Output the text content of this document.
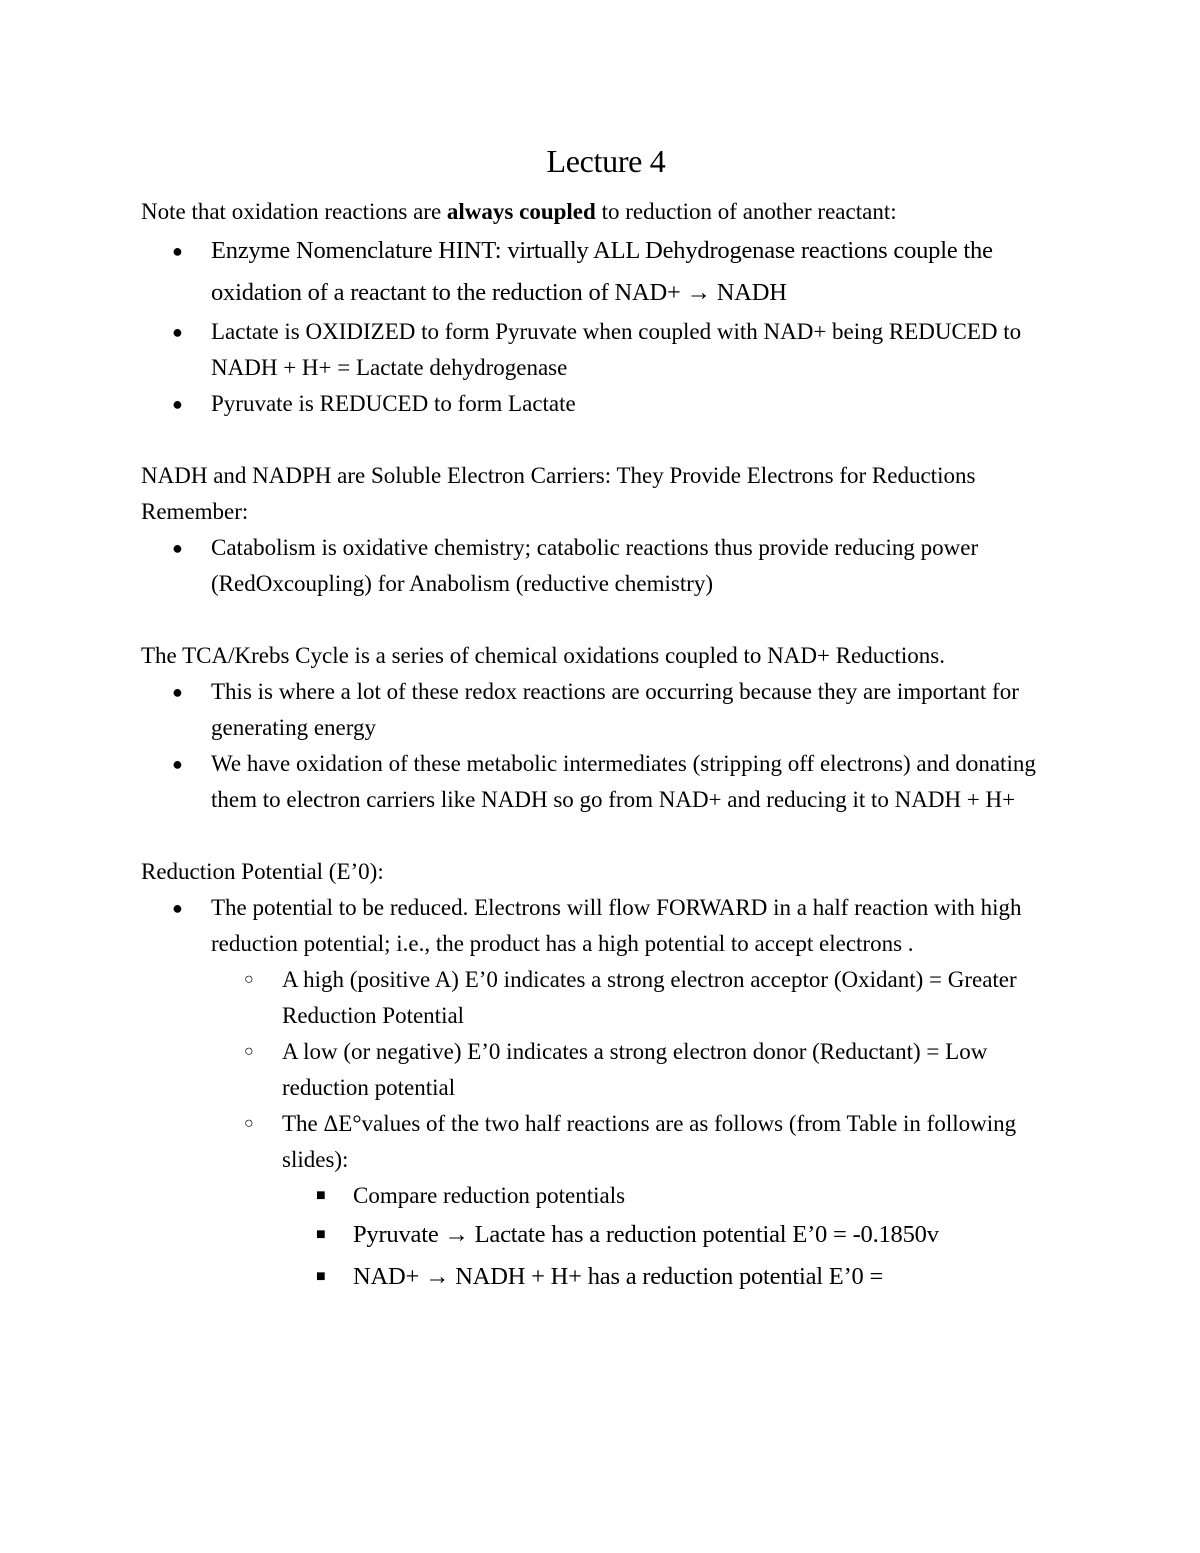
Lecture 4

Note that oxidation reactions are always coupled to reduction of another reactant:

● Enzyme Nomenclature HINT: virtually ALL Dehydrogenase reactions couple the oxidation of a reactant to the reduction of NAD+ → NADH
● Lactate is OXIDIZED to form Pyruvate when coupled with NAD+ being REDUCED to NADH + H+ = Lactate dehydrogenase
● Pyruvate is REDUCED to form Lactate

NADH and NADPH are Soluble Electron Carriers: They Provide Electrons for Reductions Remember:

● Catabolism is oxidative chemistry; catabolic reactions thus provide reducing power (RedOxcoupling) for Anabolism (reductive chemistry)

The TCA/Krebs Cycle is a series of chemical oxidations coupled to NAD+ Reductions.

● This is where a lot of these redox reactions are occurring because they are important for generating energy
● We have oxidation of these metabolic intermediates (stripping off electrons) and donating them to electron carriers like NADH so go from NAD+ and reducing it to NADH + H+

Reduction Potential (E’0):

● The potential to be reduced. Electrons will flow FORWARD in a half reaction with high reduction potential; i.e., the product has a high potential to accept electrons .
○ A high (positive A) E’0 indicates a strong electron acceptor (Oxidant) = Greater Reduction Potential
○ A low (or negative) E’0 indicates a strong electron donor (Reductant) = Low reduction potential
○ The ΔE°values of the two half reactions are as follows (from Table in following slides):
■ Compare reduction potentials
■ Pyruvate → Lactate has a reduction potential E’0 = -0.1850v
■ NAD+ → NADH + H+ has a reduction potential E’0 =
